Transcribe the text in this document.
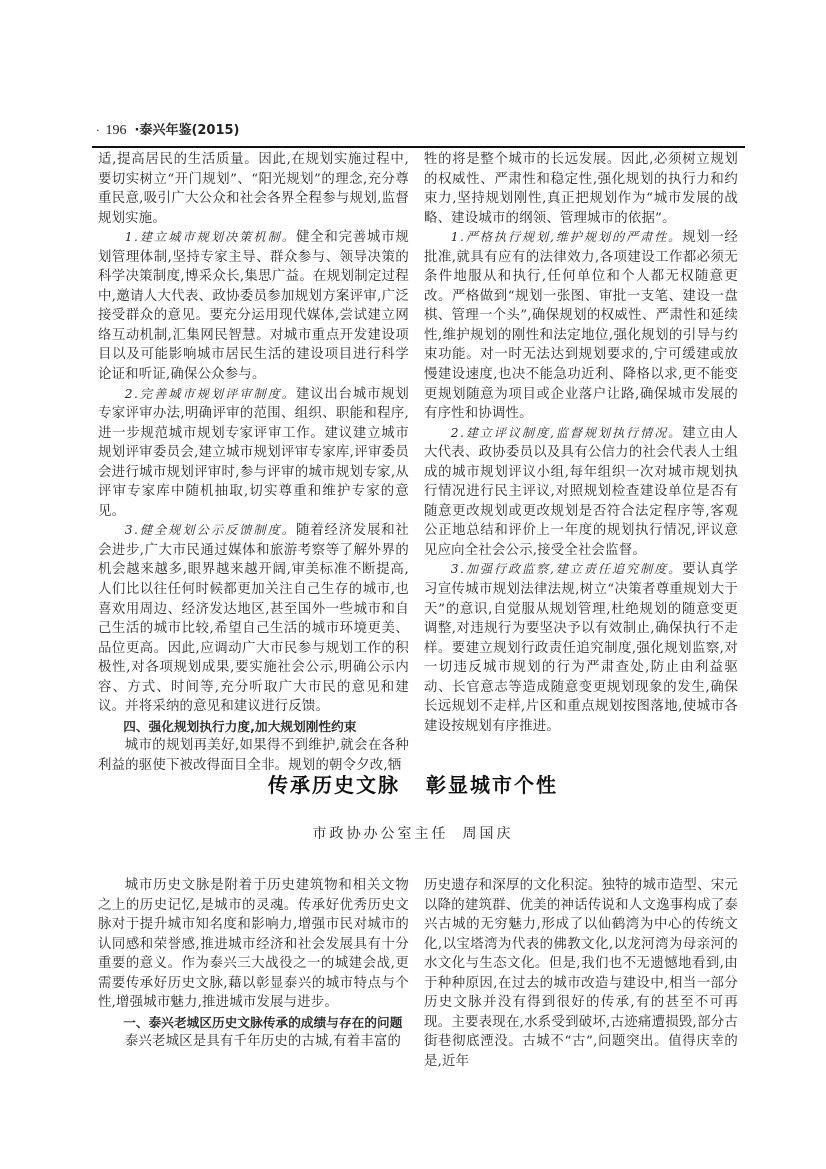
· 196 ·泰兴年鉴(2015)

适,提高居民的生活质量。因此,在规划实施过程中,要切实树立“开门规划”、“阳光规划”的理念,充分尊重民意,吸引广大公众和社会各界全程参与规划,监督规划实施。

1.建立城市规划决策机制。健全和完善城市规划管理体制,坚持专家主导、群众参与、领导决策的科学决策制度,博采众长,集思广益。在规划制定过程中,邀请人大代表、政协委员参加规划方案评审,广泛接受群众的意见。要充分运用现代媒体,尝试建立网络互动机制,汇集网民智慧。对城市重点开发建设项目以及可能影响城市居民生活的建设项目进行科学论证和听证,确保公众参与。

2.完善城市规划评审制度。建议出台城市规划专家评审办法,明确评审的范围、组织、职能和程序,进一步规范城市规划专家评审工作。建议建立城市规划评审委员会,建立城市规划评审专家库,评审委员会进行城市规划评审时,参与评审的城市规划专家,从评审专家库中随机抽取,切实尊重和维护专家的意见。

3.健全规划公示反馈制度。随着经济发展和社会进步,广大市民通过媒体和旅游考察等了解外界的机会越来越多,眼界越来越开阔,审美标准不断提高,人们比以往任何时候都更加关注自己生存的城市,也喜欢用周边、经济发达地区,甚至国外一些城市和自己生活的城市比较,希望自己生活的城市环境更美、品位更高。因此,应调动广大市民参与规划工作的积极性,对各项规划成果,要实施社会公示,明确公示内容、方式、时间等,充分听取广大市民的意见和建议。并将采纳的意见和建议进行反馈。

四、强化规划执行力度,加大规划刚性约束

城市的规划再美好,如果得不到维护,就会在各种利益的驱使下被改得面目全非。规划的朝令夕改,牺

牲的将是整个城市的长远发展。因此,必须树立规划的权威性、严肃性和稳定性,强化规划的执行力和约束力,坚持规划刚性,真正把规划作为“城市发展的战略、建设城市的纲领、管理城市的依据”。

1.严格执行规划,维护规划的严肃性。规划一经批准,就具有应有的法律效力,各项建设工作都必须无条件地服从和执行,任何单位和个人都无权随意更改。严格做到“规划一张图、审批一支笔、建设一盘棋、管理一个头”,确保规划的权威性、严肃性和延续性,维护规划的刚性和法定地位,强化规划的引导与约束功能。对一时无法达到规划要求的,宁可缓建或放慢建设速度,也决不能急功近利、降格以求,更不能变更规划随意为项目或企业落户让路,确保城市发展的有序性和协调性。

2.建立评议制度,监督规划执行情况。建立由人大代表、政协委员以及具有公信力的社会代表人士组成的城市规划评议小组,每年组织一次对城市规划执行情况进行民主评议,对照规划检查建设单位是否有随意更改规划或更改规划是否符合法定程序等,客观公正地总结和评价上一年度的规划执行情况,评议意见应向全社会公示,接受全社会监督。

3.加强行政监察,建立责任追究制度。要认真学习宣传城市规划法律法规,树立“决策者尊重规划大于天”的意识,自觉服从规划管理,杜绝规划的随意变更调整,对违规行为要坚决予以有效制止,确保执行不走样。要建立规划行政责任追究制度,强化规划监察,对一切违反城市规划的行为严肃查处,防止由利益驱动、长官意志等造成随意变更规划现象的发生,确保长远规划不走样,片区和重点规划按图落地,使城市各建设按规划有序推进。

传承历史文脉 彰显城市个性
市政协办公室主任 周国庆

城市历史文脉是附着于历史建筑物和相关文物之上的历史记忆,是城市的灵魂。传承好优秀历史文脉对于提升城市知名度和影响力,增强市民对城市的认同感和荣誉感,推进城市经济和社会发展具有十分重要的意义。作为泰兴三大战役之一的城建会战,更需要传承好历史文脉,藉以彰显泰兴的城市特点与个性,增强城市魅力,推进城市发展与进步。

一、泰兴老城区历史文脉传承的成绩与存在的问题

泰兴老城区是具有千年历史的古城,有着丰富的

历史遗存和深厚的文化积淀。独特的城市造型、宋元以降的建筑群、优美的神话传说和人文逸事构成了泰兴古城的无穷魅力,形成了以仙鹤湾为中心的传统文化,以宝塔湾为代表的佛教文化,以龙河湾为母亲河的水文化与生态文化。但是,我们也不无遗憾地看到,由于种种原因,在过去的城市改造与建设中,相当一部分历史文脉并没有得到很好的传承,有的甚至不可再现。主要表现在,水系受到破坏,古迹痛遭损毁,部分古街巷彻底湮没。古城不“古”,问题突出。值得庆幸的是,近年
